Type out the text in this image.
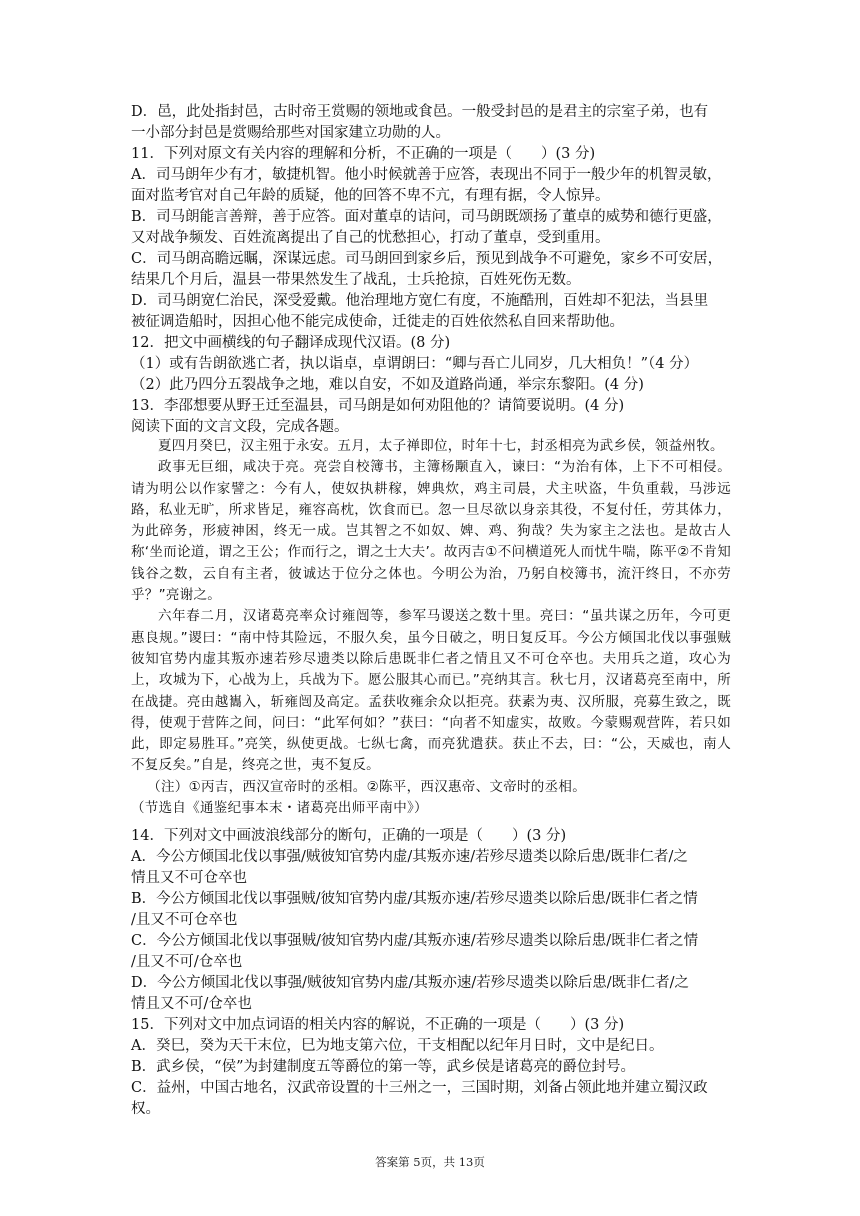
D．邑，此处指封邑，古时帝王赏赐的领地或食邑。一般受封邑的是君主的宗室子弟，也有

一小部分封邑是赏赐给那些对国家建立功勋的人。

11．下列对原文有关内容的理解和分析，不正确的一项是（　　）(3 分)

A．司马朗年少有才，敏捷机智。他小时候就善于应答，表现出不同于一般少年的机智灵敏，

面对监考官对自己年龄的质疑，他的回答不卑不亢，有理有据，令人惊异。

B．司马朗能言善辩，善于应答。面对董卓的诘问，司马朗既颂扬了董卓的威势和德行更盛，

又对战争频发、百姓流离提出了自己的忧愁担心，打动了董卓，受到重用。

C．司马朗高瞻远瞩，深谋远虑。司马朗回到家乡后，预见到战争不可避免，家乡不可安居，

结果几个月后，温县一带果然发生了战乱，士兵抢掠，百姓死伤无数。

D．司马朗宽仁治民，深受爱戴。他治理地方宽仁有度，不施酷刑，百姓却不犯法，当县里

被征调造船时，因担心他不能完成使命，迁徙走的百姓依然私自回来帮助他。

12．把文中画横线的句子翻译成现代汉语。(8 分)

（1）或有告朗欲逃亡者，执以诣卓，卓谓朗曰：“卿与吾亡儿同岁，几大相负！”（4 分）

（2）此乃四分五裂战争之地，难以自安，不如及道路尚通，举宗东黎阳。(4 分)

13．李邵想要从野王迁至温县，司马朗是如何劝阻他的？请简要说明。(4 分)

阅读下面的文言文段，完成各题。

夏四月癸巳，汉主殂于永安。五月，太子禅即位，时年十七，封丞相亮为武乡侯，领益州牧。

政事无巨细，咸决于亮。亮尝自校簿书，主簿杨颙直入，谏曰：“为治有体，上下不可相侵。请为明公以作家譬之：今有人，使奴执耕稼，婢典炊，鸡主司晨，犬主吠盗，牛负重载，马涉远路，私业无旷，所求皆足，雍容高枕，饮食而已。忽一旦尽欲以身亲其役，不复付任，劳其体力，为此碎务，形疲神困，终无一成。岂其智之不如奴、婢、鸡、狗哉？失为家主之法也。是故古人称‘坐而论道，谓之王公；作而行之，谓之士大夫’。故丙吉①不问横道死人而忧牛喘，陈平②不肯知钱谷之数，云自有主者，彼诚达于位分之体也。今明公为治，乃躬自校簿书，流汗终日，不亦劳乎？”亮谢之。

六年春二月，汉诸葛亮率众讨雍闿等，参军马谡送之数十里。亮曰：“虽共谋之历年，今可更惠良规。”谡曰：“南中恃其险远，不服久矣，虽今日破之，明日复反耳。今公方倾国北伐以事强贼彼知官势内虚其叛亦速若殄尽遗类以除后患既非仁者之情且又不可仓卒也。夫用兵之道，攻心为上，攻城为下，心战为上，兵战为下。愿公服其心而已。”亮纳其言。秋七月，汉诸葛亮至南中，所在战捷。亮由越巂入，斩雍闿及高定。孟获收雍余众以拒亮。获素为夷、汉所服，亮募生致之，既得，使观于营阵之间，问曰：“此军何如？”获曰：“向者不知虚实，故败。今蒙赐观营阵，若只如此，即定易胜耳。”亮笑，纵使更战。七纵七禽，而亮犹遣获。获止不去，曰：“公，天威也，南人不复反矣。”自是，终亮之世，夷不复反。

（注）①丙吉，西汉宣帝时的丞相。②陈平，西汉惠帝、文帝时的丞相。

（节选自《通鉴纪事本末・诸葛亮出师平南中》）

14．下列对文中画波浪线部分的断句，正确的一项是（　　）(3 分)

A．今公方倾国北伐以事强/贼彼知官势内虚/其叛亦速/若殄尽遗类以除后患/既非仁者/之

情且又不可仓卒也

B．今公方倾国北伐以事强贼/彼知官势内虚/其叛亦速/若殄尽遗类以除后患/既非仁者之情

/且又不可仓卒也

C．今公方倾国北伐以事强贼/彼知官势内虚/其叛亦速/若殄尽遗类以除后患/既非仁者之情

/且又不可/仓卒也

D．今公方倾国北伐以事强/贼彼知官势内虚/其叛亦速/若殄尽遗类以除后患/既非仁者/之

情且又不可/仓卒也

15．下列对文中加点词语的相关内容的解说，不正确的一项是（　　）(3 分)

A．癸巳，癸为天干末位，巳为地支第六位，干支相配以纪年月日时，文中是纪日。

B．武乡侯，“侯”为封建制度五等爵位的第一等，武乡侯是诸葛亮的爵位封号。

C．益州，中国古地名，汉武帝设置的十三州之一，三国时期，刘备占领此地并建立蜀汉政

权。

答案第 5页，共 13页
